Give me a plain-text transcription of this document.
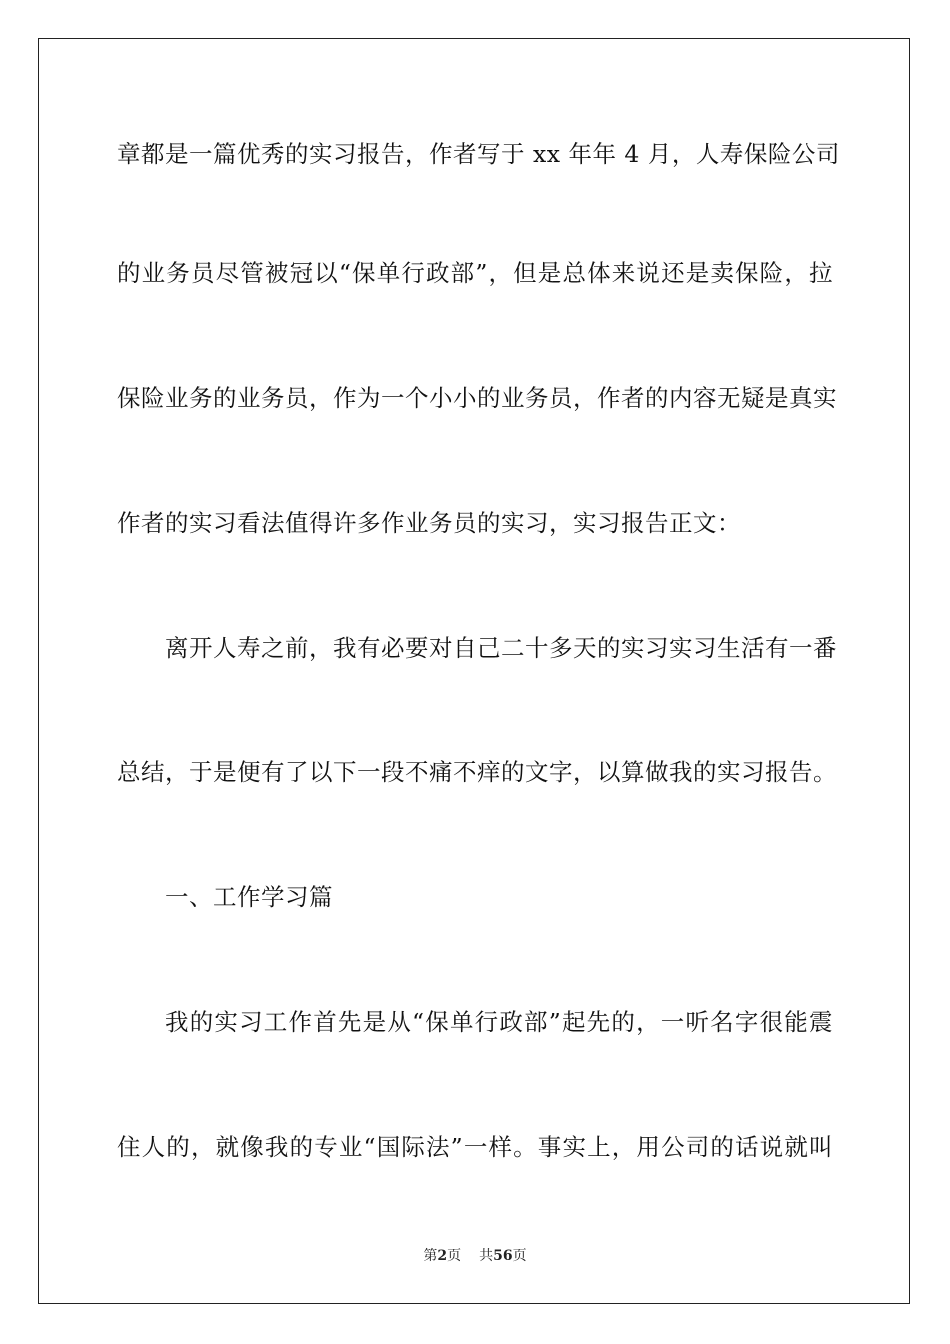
章都是一篇优秀的实习报告，作者写于 xx 年年 4 月，人寿保险公司
的业务员尽管被冠以“保单行政部”，但是总体来说还是卖保险，拉
保险业务的业务员，作为一个小小的业务员，作者的内容无疑是真实
作者的实习看法值得许多作业务员的实习，实习报告正文：
离开人寿之前，我有必要对自己二十多天的实习实习生活有一番
总结，于是便有了以下一段不痛不痒的文字，以算做我的实习报告。
一、工作学习篇
我的实习工作首先是从“保单行政部”起先的，一听名字很能震
住人的，就像我的专业“国际法”一样。事实上，用公司的话说就叫
第2页 共56页
